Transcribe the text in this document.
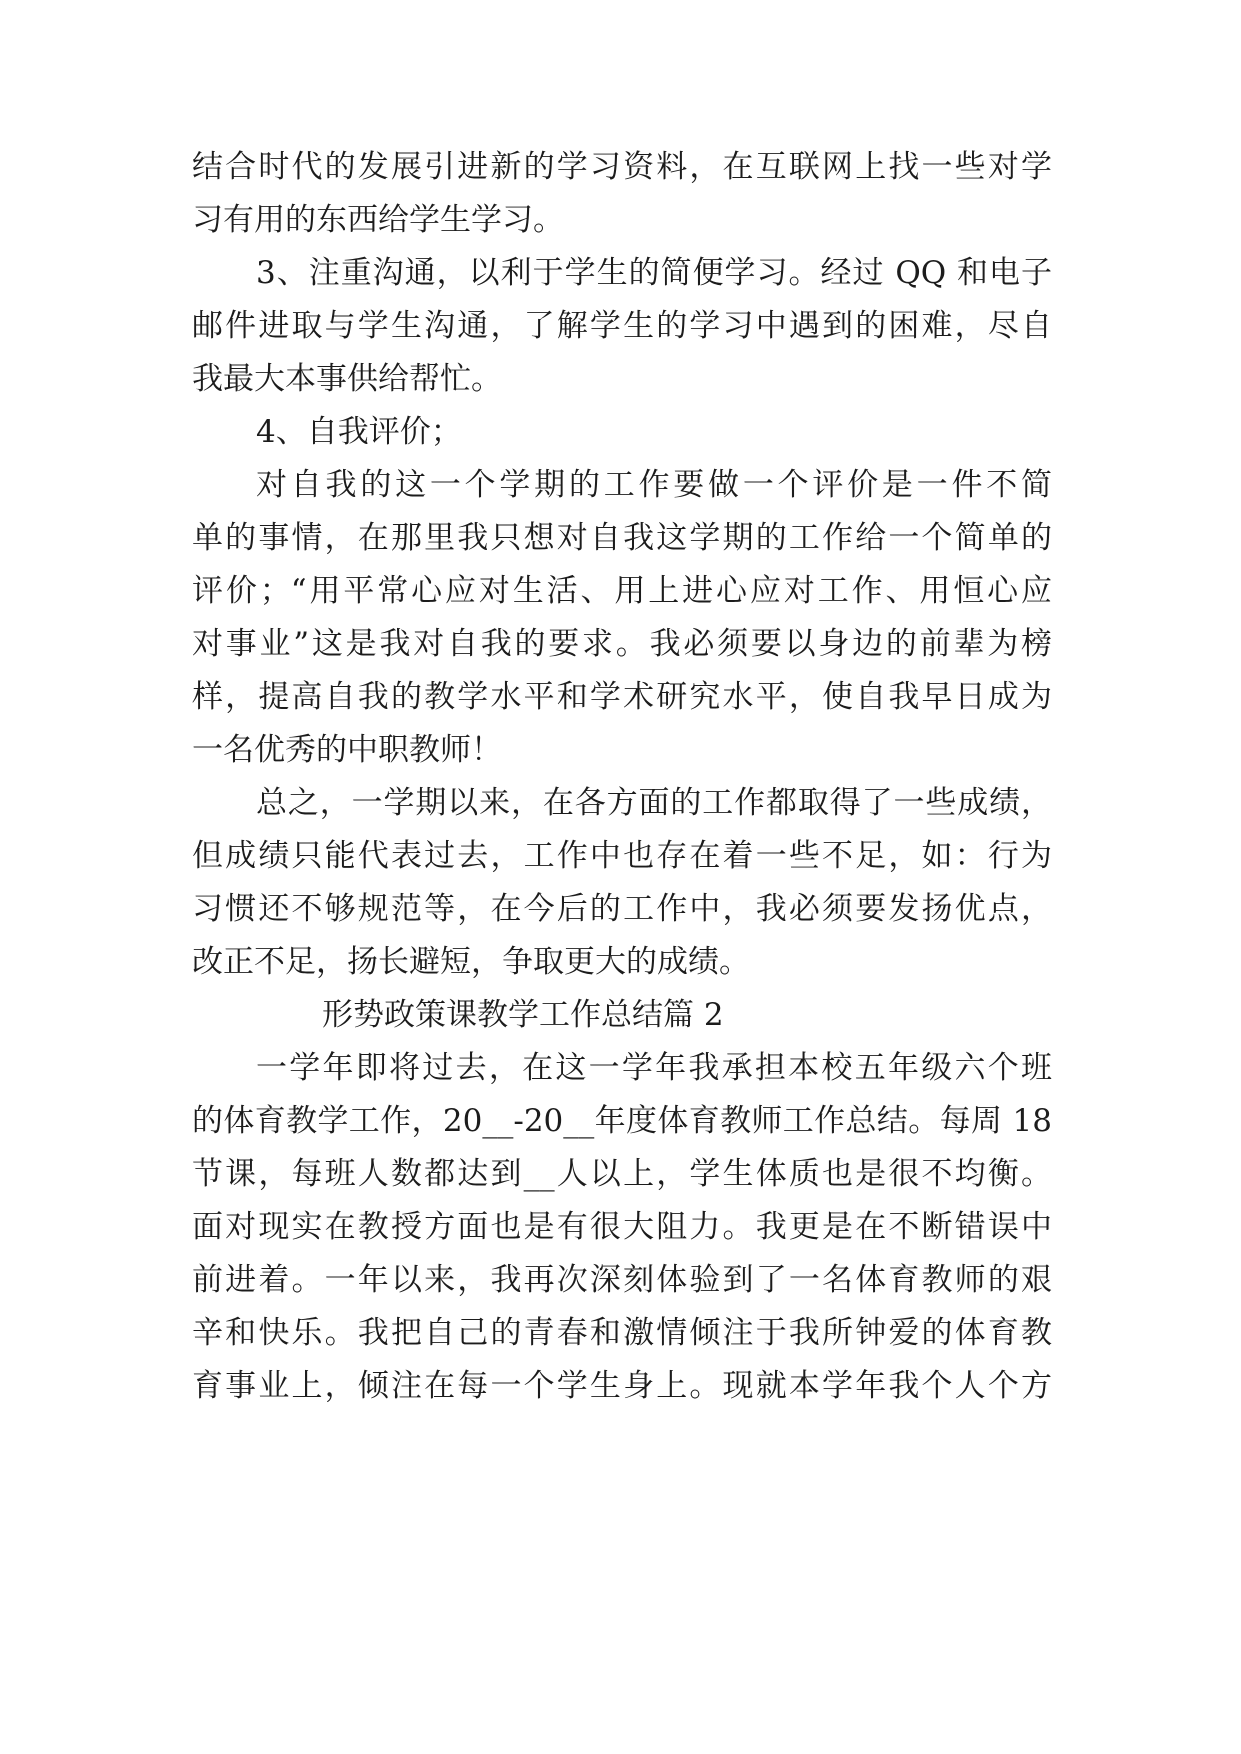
结合时代的发展引进新的学习资料，在互联网上找一些对学
习有用的东西给学生学习。
3、注重沟通，以利于学生的简便学习。经过 QQ 和电子
邮件进取与学生沟通，了解学生的学习中遇到的困难，尽自
我最大本事供给帮忙。
4、自我评价；
对自我的这一个学期的工作要做一个评价是一件不简
单的事情，在那里我只想对自我这学期的工作给一个简单的
评价；“用平常心应对生活、用上进心应对工作、用恒心应
对事业”这是我对自我的要求。我必须要以身边的前辈为榜
样，提高自我的教学水平和学术研究水平，使自我早日成为
一名优秀的中职教师！
总之，一学期以来，在各方面的工作都取得了一些成绩，
但成绩只能代表过去，工作中也存在着一些不足，如：行为
习惯还不够规范等，在今后的工作中，我必须要发扬优点，
改正不足，扬长避短，争取更大的成绩。
形势政策课教学工作总结篇 2
一学年即将过去，在这一学年我承担本校五年级六个班
的体育教学工作，20__-20__年度体育教师工作总结。每周 18
节课，每班人数都达到__人以上，学生体质也是很不均衡。
面对现实在教授方面也是有很大阻力。我更是在不断错误中
前进着。一年以来，我再次深刻体验到了一名体育教师的艰
辛和快乐。我把自己的青春和激情倾注于我所钟爱的体育教
育事业上，倾注在每一个学生身上。现就本学年我个人个方
